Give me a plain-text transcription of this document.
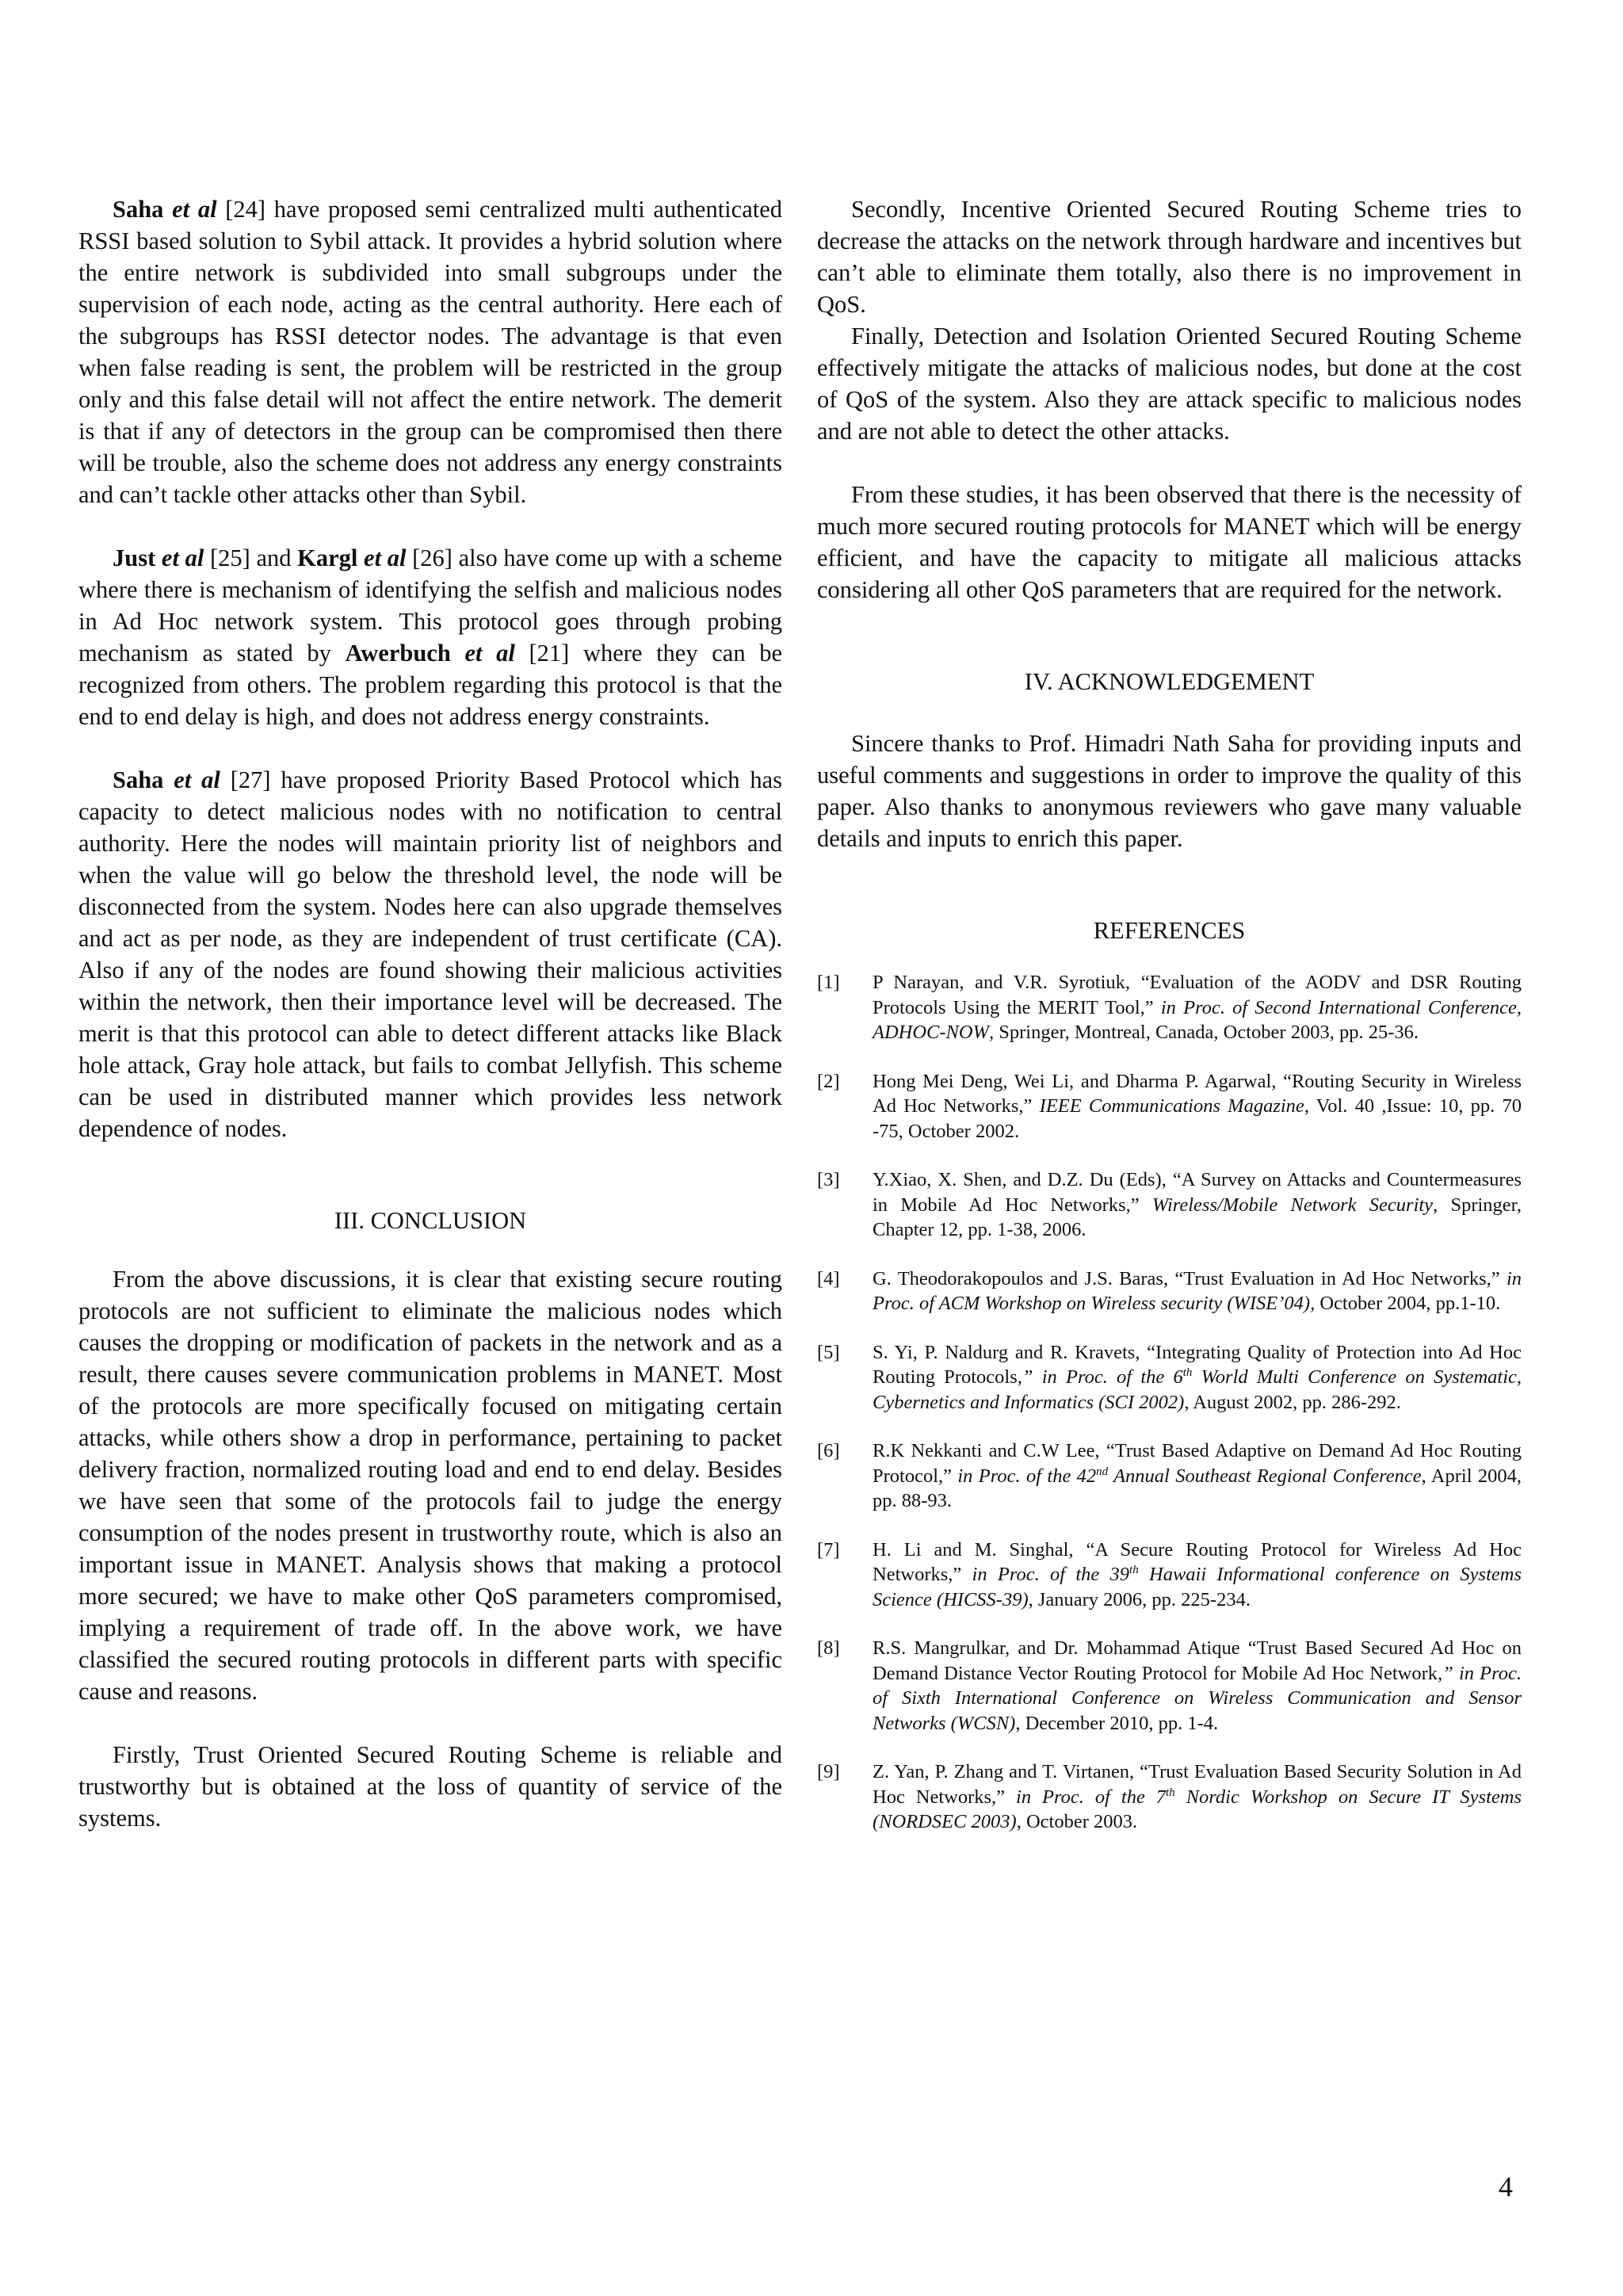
Saha et al [24] have proposed semi centralized multi authenticated RSSI based solution to Sybil attack. It provides a hybrid solution where the entire network is subdivided into small subgroups under the supervision of each node, acting as the central authority. Here each of the subgroups has RSSI detector nodes. The advantage is that even when false reading is sent, the problem will be restricted in the group only and this false detail will not affect the entire network. The demerit is that if any of detectors in the group can be compromised then there will be trouble, also the scheme does not address any energy constraints and can’t tackle other attacks other than Sybil.

Just et al [25] and Kargl et al [26] also have come up with a scheme where there is mechanism of identifying the selfish and malicious nodes in Ad Hoc network system. This protocol goes through probing mechanism as stated by Awerbuch et al [21] where they can be recognized from others. The problem regarding this protocol is that the end to end delay is high, and does not address energy constraints.

Saha et al [27] have proposed Priority Based Protocol which has capacity to detect malicious nodes with no notification to central authority. Here the nodes will maintain priority list of neighbors and when the value will go below the threshold level, the node will be disconnected from the system. Nodes here can also upgrade themselves and act as per node, as they are independent of trust certificate (CA). Also if any of the nodes are found showing their malicious activities within the network, then their importance level will be decreased. The merit is that this protocol can able to detect different attacks like Black hole attack, Gray hole attack, but fails to combat Jellyfish. This scheme can be used in distributed manner which provides less network dependence of nodes.

III. CONCLUSION

From the above discussions, it is clear that existing secure routing protocols are not sufficient to eliminate the malicious nodes which causes the dropping or modification of packets in the network and as a result, there causes severe communication problems in MANET. Most of the protocols are more specifically focused on mitigating certain attacks, while others show a drop in performance, pertaining to packet delivery fraction, normalized routing load and end to end delay. Besides we have seen that some of the protocols fail to judge the energy consumption of the nodes present in trustworthy route, which is also an important issue in MANET. Analysis shows that making a protocol more secured; we have to make other QoS parameters compromised, implying a requirement of trade off. In the above work, we have classified the secured routing protocols in different parts with specific cause and reasons.

Firstly, Trust Oriented Secured Routing Scheme is reliable and trustworthy but is obtained at the loss of quantity of service of the systems.

Secondly, Incentive Oriented Secured Routing Scheme tries to decrease the attacks on the network through hardware and incentives but can’t able to eliminate them totally, also there is no improvement in QoS.

Finally, Detection and Isolation Oriented Secured Routing Scheme effectively mitigate the attacks of malicious nodes, but done at the cost of QoS of the system. Also they are attack specific to malicious nodes and are not able to detect the other attacks.

From these studies, it has been observed that there is the necessity of much more secured routing protocols for MANET which will be energy efficient, and have the capacity to mitigate all malicious attacks considering all other QoS parameters that are required for the network.

IV. ACKNOWLEDGEMENT

Sincere thanks to Prof. Himadri Nath Saha for providing inputs and useful comments and suggestions in order to improve the quality of this paper. Also thanks to anonymous reviewers who gave many valuable details and inputs to enrich this paper.

REFERENCES

[1]	P Narayan, and V.R. Syrotiuk, “Evaluation of the AODV and DSR Routing Protocols Using the MERIT Tool,” in Proc. of Second International Conference, ADHOC-NOW, Springer, Montreal, Canada, October 2003, pp. 25-36.
[2]	Hong Mei Deng, Wei Li, and Dharma P. Agarwal, “Routing Security in Wireless Ad Hoc Networks,” IEEE Communications Magazine, Vol. 40 ,Issue: 10, pp. 70 -75, October 2002.
[3]	Y.Xiao, X. Shen, and D.Z. Du (Eds), “A Survey on Attacks and Countermeasures in Mobile Ad Hoc Networks,” Wireless/Mobile Network Security, Springer, Chapter 12, pp. 1-38, 2006.
[4]	G. Theodorakopoulos and J.S. Baras, “Trust Evaluation in Ad Hoc Networks,” in Proc. of ACM Workshop on Wireless security (WISE’04), October 2004, pp.1-10.
[5]	S. Yi, P. Naldurg and R. Kravets, “Integrating Quality of Protection into Ad Hoc Routing Protocols,” in Proc. of the 6th World Multi Conference on Systematic, Cybernetics and Informatics (SCI 2002), August 2002, pp. 286-292.
[6]	R.K Nekkanti and C.W Lee, “Trust Based Adaptive on Demand Ad Hoc Routing Protocol,” in Proc. of the 42nd Annual Southeast Regional Conference, April 2004, pp. 88-93.
[7]	H. Li and M. Singhal, “A Secure Routing Protocol for Wireless Ad Hoc Networks,” in Proc. of the 39th Hawaii Informational conference on Systems Science (HICSS-39), January 2006, pp. 225-234.
[8]	R.S. Mangrulkar, and Dr. Mohammad Atique “Trust Based Secured Ad Hoc on Demand Distance Vector Routing Protocol for Mobile Ad Hoc Network,” in Proc. of Sixth International Conference on Wireless Communication and Sensor Networks (WCSN), December 2010, pp. 1-4.
[9]	Z. Yan, P. Zhang and T. Virtanen, “Trust Evaluation Based Security Solution in Ad Hoc Networks,” in Proc. of the 7th Nordic Workshop on Secure IT Systems (NORDSEC 2003), October 2003.
4
